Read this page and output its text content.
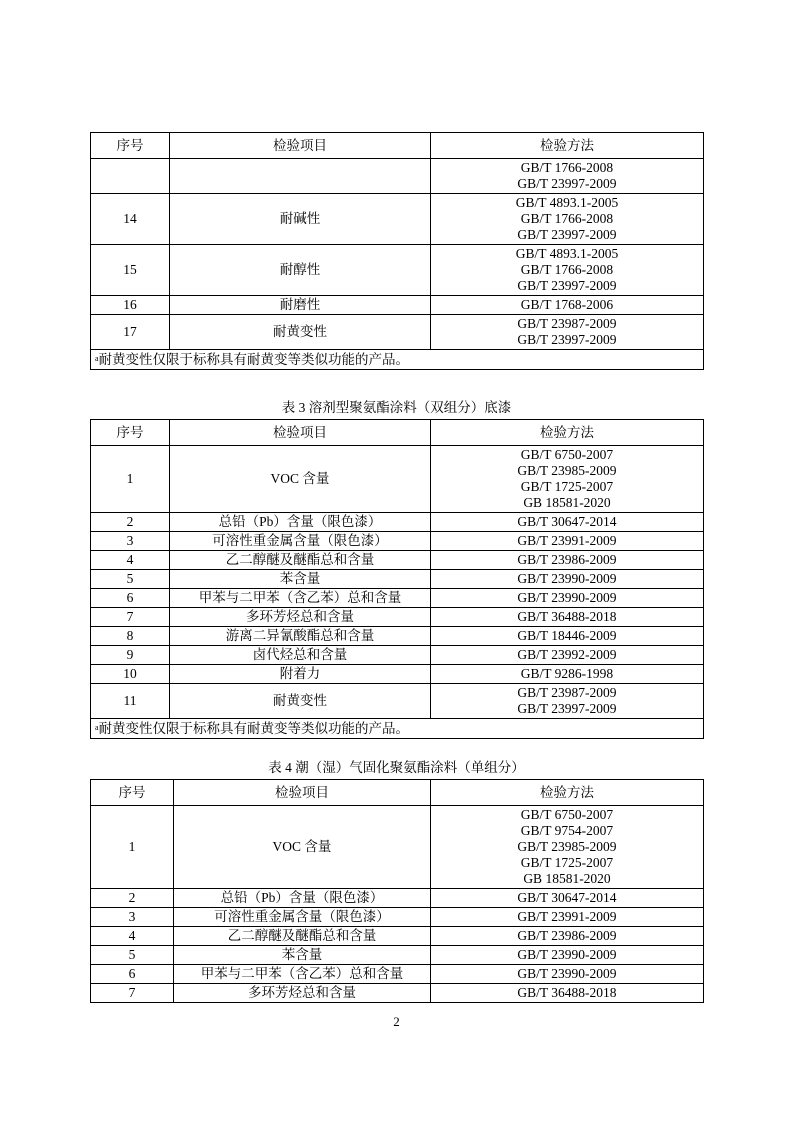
序号	检验项目	检验方法

		GB/T 1766-2008
GB/T 23997-2009

14	耐碱性	GB/T 4893.1-2005
GB/T 1766-2008
GB/T 23997-2009

15	耐醇性	GB/T 4893.1-2005
GB/T 1766-2008
GB/T 23997-2009

16	耐磨性	GB/T 1768-2006

17	耐黄变性	GB/T 23987-2009
GB/T 23997-2009

$^a$耐黄变性仅限于标称具有耐黄变等类似功能的产品。		
表 3 溶剂型聚氨酯涂料（双组分）底漆
序号	检验项目	检验方法
1	VOC 含量	GB/T 6750-2007
GB/T 23985-2009
GB/T 1725-2007
GB 18581-2020

2	总铅（Pb）含量（限色漆）	GB/T 30647-2014

3	可溶性重金属含量（限色漆）	GB/T 23991-2009

4	乙二醇醚及醚酯总和含量	GB/T 23986-2009

5	苯含量	GB/T 23990-2009

6	甲苯与二甲苯（含乙苯）总和含量	GB/T 23990-2009

7	多环芳烃总和含量	GB/T 36488-2018

8	游离二异氰酸酯总和含量	GB/T 18446-2009

9	卤代烃总和含量	GB/T 23992-2009

10	附着力	GB/T 9286-1998

11	耐黄变性	GB/T 23987-2009
GB/T 23997-2009

$^a$耐黄变性仅限于标称具有耐黄变等类似功能的产品。		
表 4 潮（湿）气固化聚氨酯涂料（单组分）
序号	检验项目	检验方法
1	VOC 含量	GB/T 6750-2007
GB/T 9754-2007
GB/T 23985-2009
GB/T 1725-2007
GB 18581-2020

2	总铅（Pb）含量（限色漆）	GB/T 30647-2014

3	可溶性重金属含量（限色漆）	GB/T 23991-2009

4	乙二醇醚及醚酯总和含量	GB/T 23986-2009

5	苯含量	GB/T 23990-2009

6	甲苯与二甲苯（含乙苯）总和含量	GB/T 23990-2009

7	多环芳烃总和含量	GB/T 36488-2018
2
